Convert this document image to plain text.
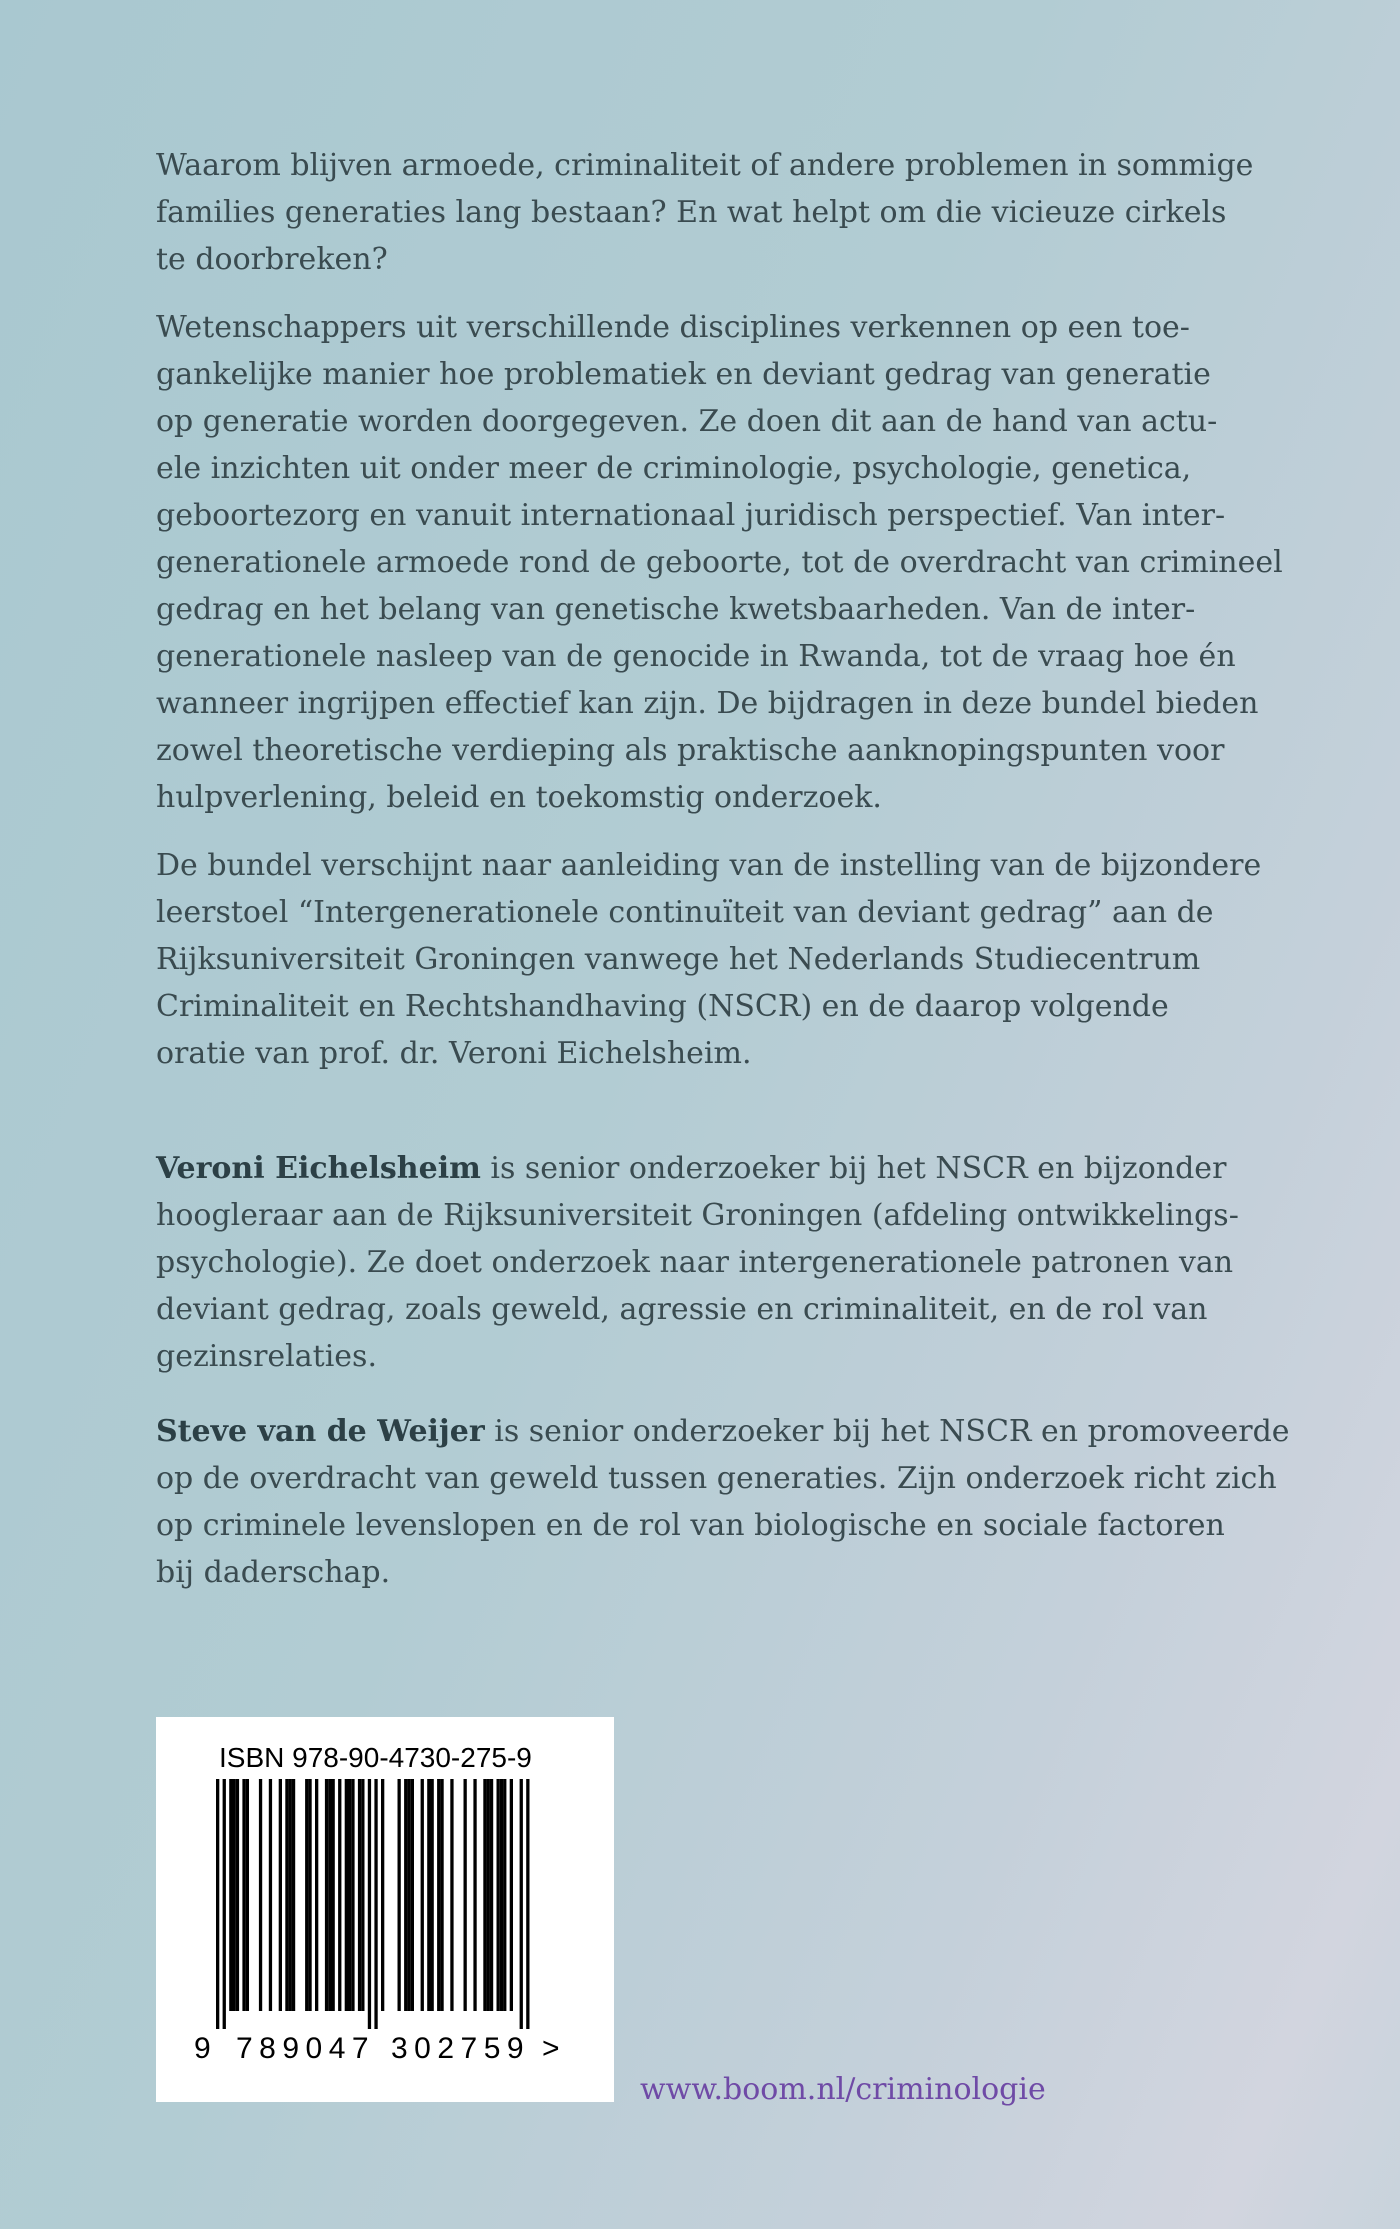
Waarom blijven armoede, criminaliteit of andere problemen in sommige
families generaties lang bestaan? En wat helpt om die vicieuze cirkels
te doorbreken?

Wetenschappers uit verschillende disciplines verkennen op een toe-
gankelijke manier hoe problematiek en deviant gedrag van generatie
op generatie worden doorgegeven. Ze doen dit aan de hand van actu-
ele inzichten uit onder meer de criminologie, psychologie, genetica,
geboortezorg en vanuit internationaal juridisch perspectief. Van inter-
generationele armoede rond de geboorte, tot de overdracht van crimineel
gedrag en het belang van genetische kwetsbaarheden. Van de inter-
generationele nasleep van de genocide in Rwanda, tot de vraag hoe én
wanneer ingrijpen effectief kan zijn. De bijdragen in deze bundel bieden
zowel theoretische verdieping als praktische aanknopingspunten voor
hulpverlening, beleid en toekomstig onderzoek.

De bundel verschijnt naar aanleiding van de instelling van de bijzondere
leerstoel “Intergenerationele continuïteit van deviant gedrag” aan de
Rijksuniversiteit Groningen vanwege het Nederlands Studiecentrum
Criminaliteit en Rechtshandhaving (NSCR) en de daarop volgende
oratie van prof. dr. Veroni Eichelsheim.

Veroni Eichelsheim is senior onderzoeker bij het NSCR en bijzonder
hoogleraar aan de Rijksuniversiteit Groningen (afdeling ontwikkelings-
psychologie). Ze doet onderzoek naar intergenerationele patronen van
deviant gedrag, zoals geweld, agressie en criminaliteit, en de rol van
gezinsrelaties.

Steve van de Weijer is senior onderzoeker bij het NSCR en promoveerde
op de overdracht van geweld tussen generaties. Zijn onderzoek richt zich
op criminele levenslopen en de rol van biologische en sociale factoren
bij daderschap.

ISBN 978-90-4730-275-9
9 789047 302759 >
www.boom.nl/criminologie
